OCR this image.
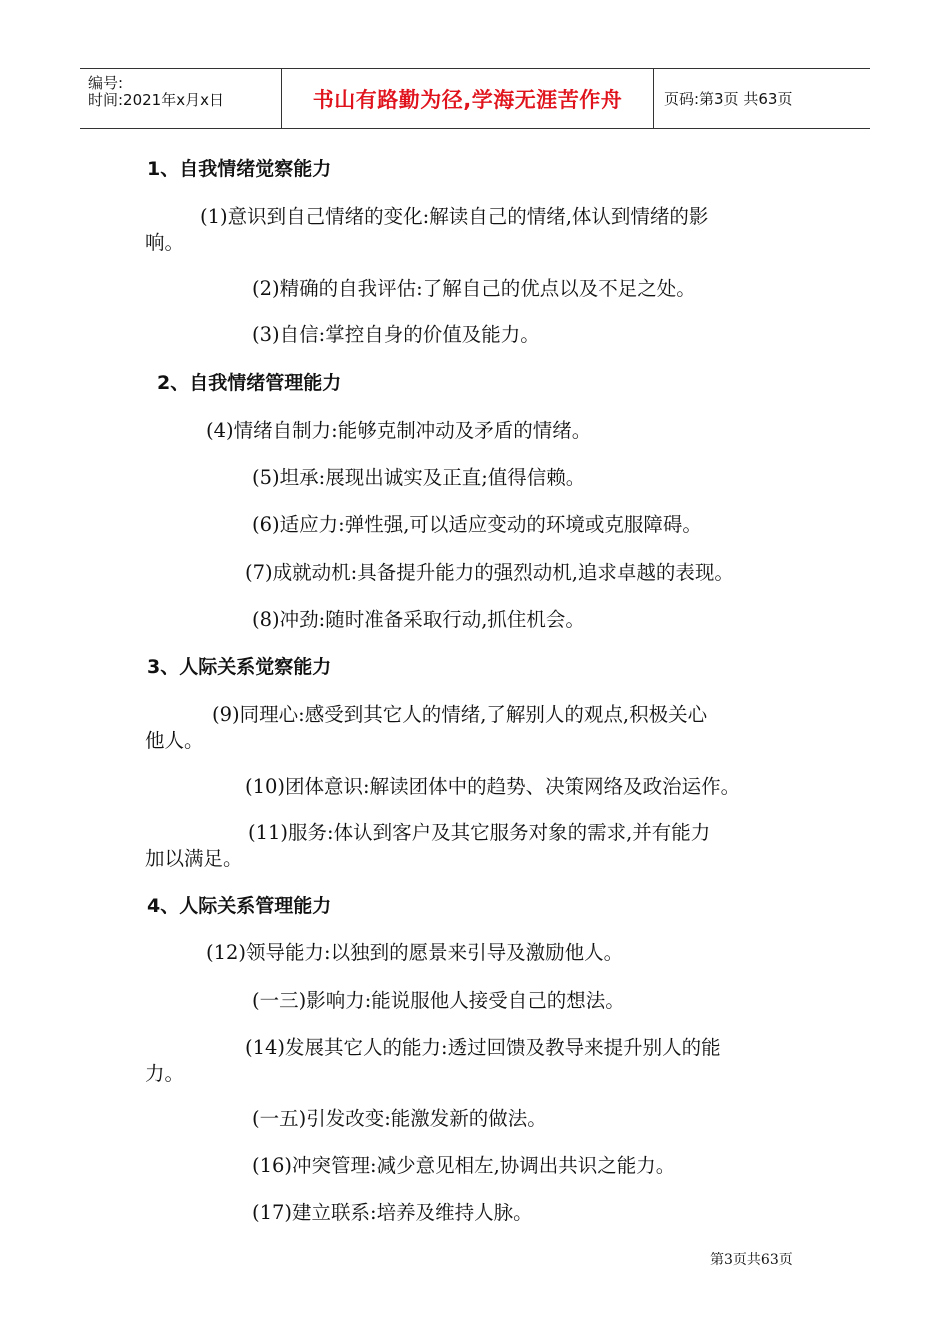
编号:
时间:2021年x月x日	书山有路勤为径,学海无涯苦作舟	页码:第3页 共63页
1、自我情绪觉察能力
(1)意识到自己情绪的变化:解读自己的情绪,体认到情绪的影
响。
(2)精确的自我评估:了解自己的优点以及不足之处。
(3)自信:掌控自身的价值及能力。
2、自我情绪管理能力
(4)情绪自制力:能够克制冲动及矛盾的情绪。
(5)坦承:展现出诚实及正直;值得信赖。
(6)适应力:弹性强,可以适应变动的环境或克服障碍。
(7)成就动机:具备提升能力的强烈动机,追求卓越的表现。
(8)冲劲:随时准备采取行动,抓住机会。
3、人际关系觉察能力
(9)同理心:感受到其它人的情绪,了解别人的观点,积极关心
他人。
(10)团体意识:解读团体中的趋势、决策网络及政治运作。
(11)服务:体认到客户及其它服务对象的需求,并有能力
加以满足。
4、人际关系管理能力
(12)领导能力:以独到的愿景来引导及激励他人。
(一三)影响力:能说服他人接受自己的想法。
(14)发展其它人的能力:透过回馈及教导来提升别人的能
力。
(一五)引发改变:能激发新的做法。
(16)冲突管理:减少意见相左,协调出共识之能力。
(17)建立联系:培养及维持人脉。
第3页共63页
